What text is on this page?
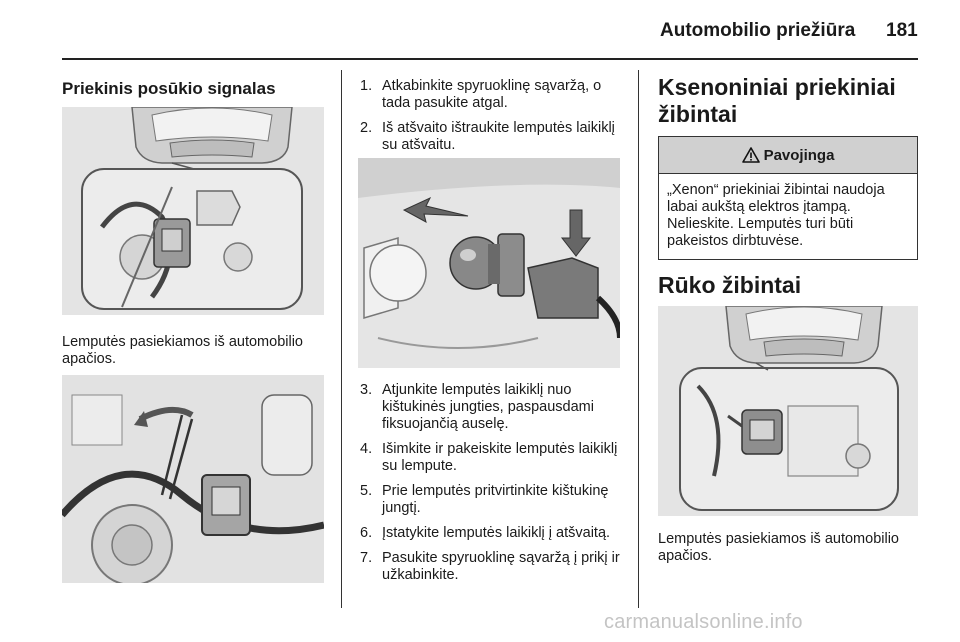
Automobilio priežiūra 181
Priekinis posūkio signalas
Lemputės pasiekiamos iš automobilio apačios.
1. Atkabinkite spyruoklinę sąvaržą, o tada pasukite atgal.
2. Iš atšvaito ištraukite lemputės laikiklį su atšvaitu.
3. Atjunkite lemputės laikiklį nuo kištukinės jungties, paspausdami fiksuojančią auselę.
4. Išimkite ir pakeiskite lemputės laikiklį su lempute.
5. Prie lemputės pritvirtinkite kištukinę jungtį.
6. Įstatykite lemputės laikiklį į atšvaitą.
7. Pasukite spyruoklinę sąvaržą į prikį ir užkabinkite.
Ksenoniniai priekiniai žibintai
Pavojinga
„Xenon“ priekiniai žibintai naudoja labai aukštą elektros įtampą. Nelieskite. Lemputės turi būti pakeistos dirbtuvėse.
Rūko žibintai
Lemputės pasiekiamos iš automobilio apačios.
carmanualsonline.info
